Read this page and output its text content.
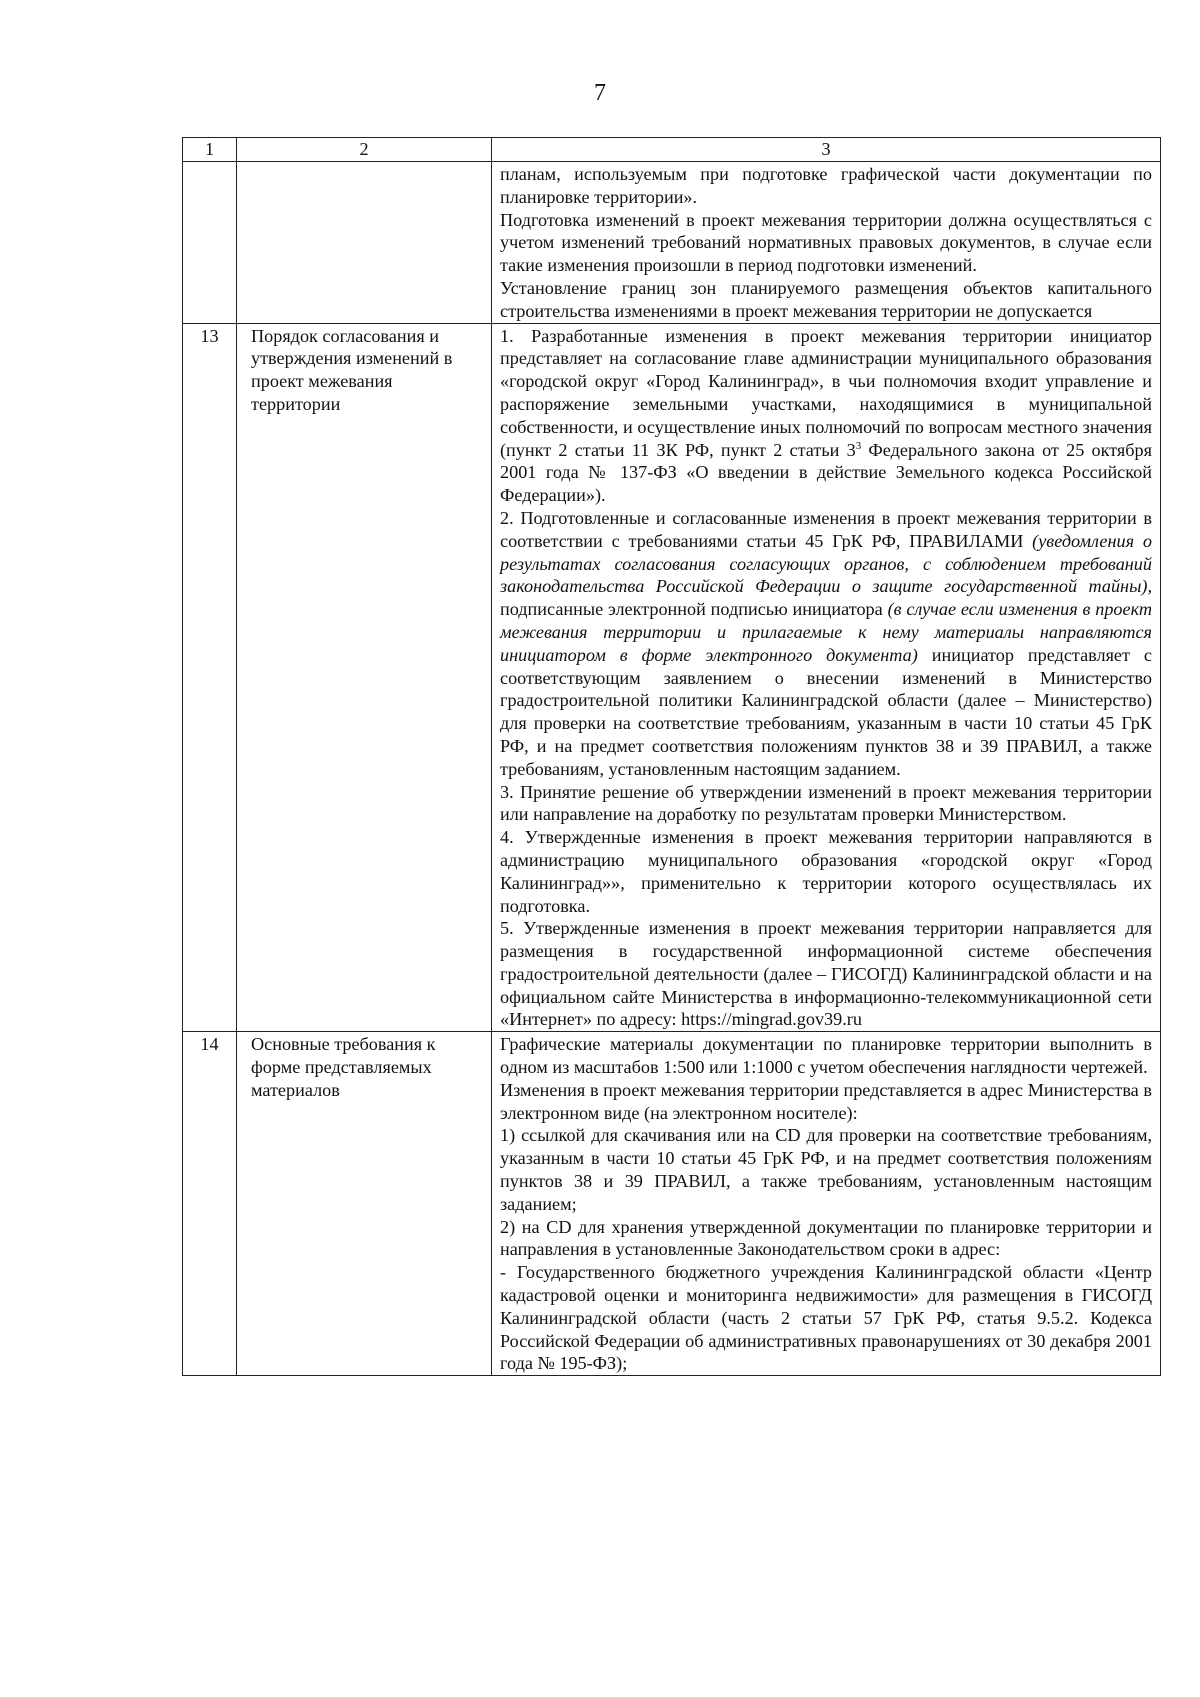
7
1	2	3

		планам, используемым при подготовке графической части документации по планировке территории».
Подготовка изменений в проект межевания территории должна осуществляться с учетом изменений требований нормативных правовых документов, в случае если такие изменения произошли в период подготовки изменений.
Установление границ зон планируемого размещения объектов капитального строительства изменениями в проект межевания территории не допускается

13	Порядок согласования и утверждения изменений в проект межевания территории	1. Разработанные изменения в проект межевания территории инициатор представляет на согласование главе администрации муниципального образования «городской округ «Город Калининград», в чьи полномочия входит управление и распоряжение земельными участками, находящимися в муниципальной собственности, и осуществление иных полномочий по вопросам местного значения (пункт 2 статьи 11 ЗК РФ, пункт 2 статьи $3^3$ Федерального закона от 25 октября 2001 года № 137-ФЗ «О введении в действие Земельного кодекса Российской Федерации»).
2. Подготовленные и согласованные изменения в проект межевания территории в соответствии с требованиями статьи 45 ГрК РФ, ПРАВИЛАМИ (уведомления о результатах согласования согласующих органов, с соблюдением требований законодательства Российской Федерации о защите государственной тайны), подписанные электронной подписью инициатора (в случае если изменения в проект межевания территории и прилагаемые к нему материалы направляются инициатором в форме электронного документа) инициатор представляет с соответствующим заявлением о внесении изменений в Министерство градостроительной политики Калининградской области (далее – Министерство) для проверки на соответствие требованиям, указанным в части 10 статьи 45 ГрК РФ, и на предмет соответствия положениям пунктов 38 и 39 ПРАВИЛ, а также требованиям, установленным настоящим заданием.
3. Принятие решение об утверждении изменений в проект межевания территории или направление на доработку по результатам проверки Министерством.
4. Утвержденные изменения в проект межевания территории направляются в администрацию муниципального образования «городской округ «Город Калининград»», применительно к территории которого осуществлялась их подготовка.
5. Утвержденные изменения в проект межевания территории направляется для размещения в государственной информационной системе обеспечения градостроительной деятельности (далее – ГИСОГД) Калининградской области и на официальном сайте Министерства в информационно-телекоммуникационной сети «Интернет» по адресу: https://mingrad.gov39.ru

14	Основные требования к форме представляемых материалов	Графические материалы документации по планировке территории выполнить в одном из масштабов 1:500 или 1:1000 с учетом обеспечения наглядности чертежей.
Изменения в проект межевания территории представляется в адрес Министерства в электронном виде (на электронном носителе):
1) ссылкой для скачивания или на CD для проверки на соответствие требованиям, указанным в части 10 статьи 45 ГрК РФ, и на предмет соответствия положениям пунктов 38 и 39 ПРАВИЛ, а также требованиям, установленным настоящим заданием;
2) на CD для хранения утвержденной документации по планировке территории и направления в установленные Законодательством сроки в адрес:
- Государственного бюджетного учреждения Калининградской области «Центр кадастровой оценки и мониторинга недвижимости» для размещения в ГИСОГД Калининградской области (часть 2 статьи 57 ГрК РФ, статья 9.5.2. Кодекса Российской Федерации об административных правонарушениях от 30 декабря 2001 года № 195-ФЗ);
